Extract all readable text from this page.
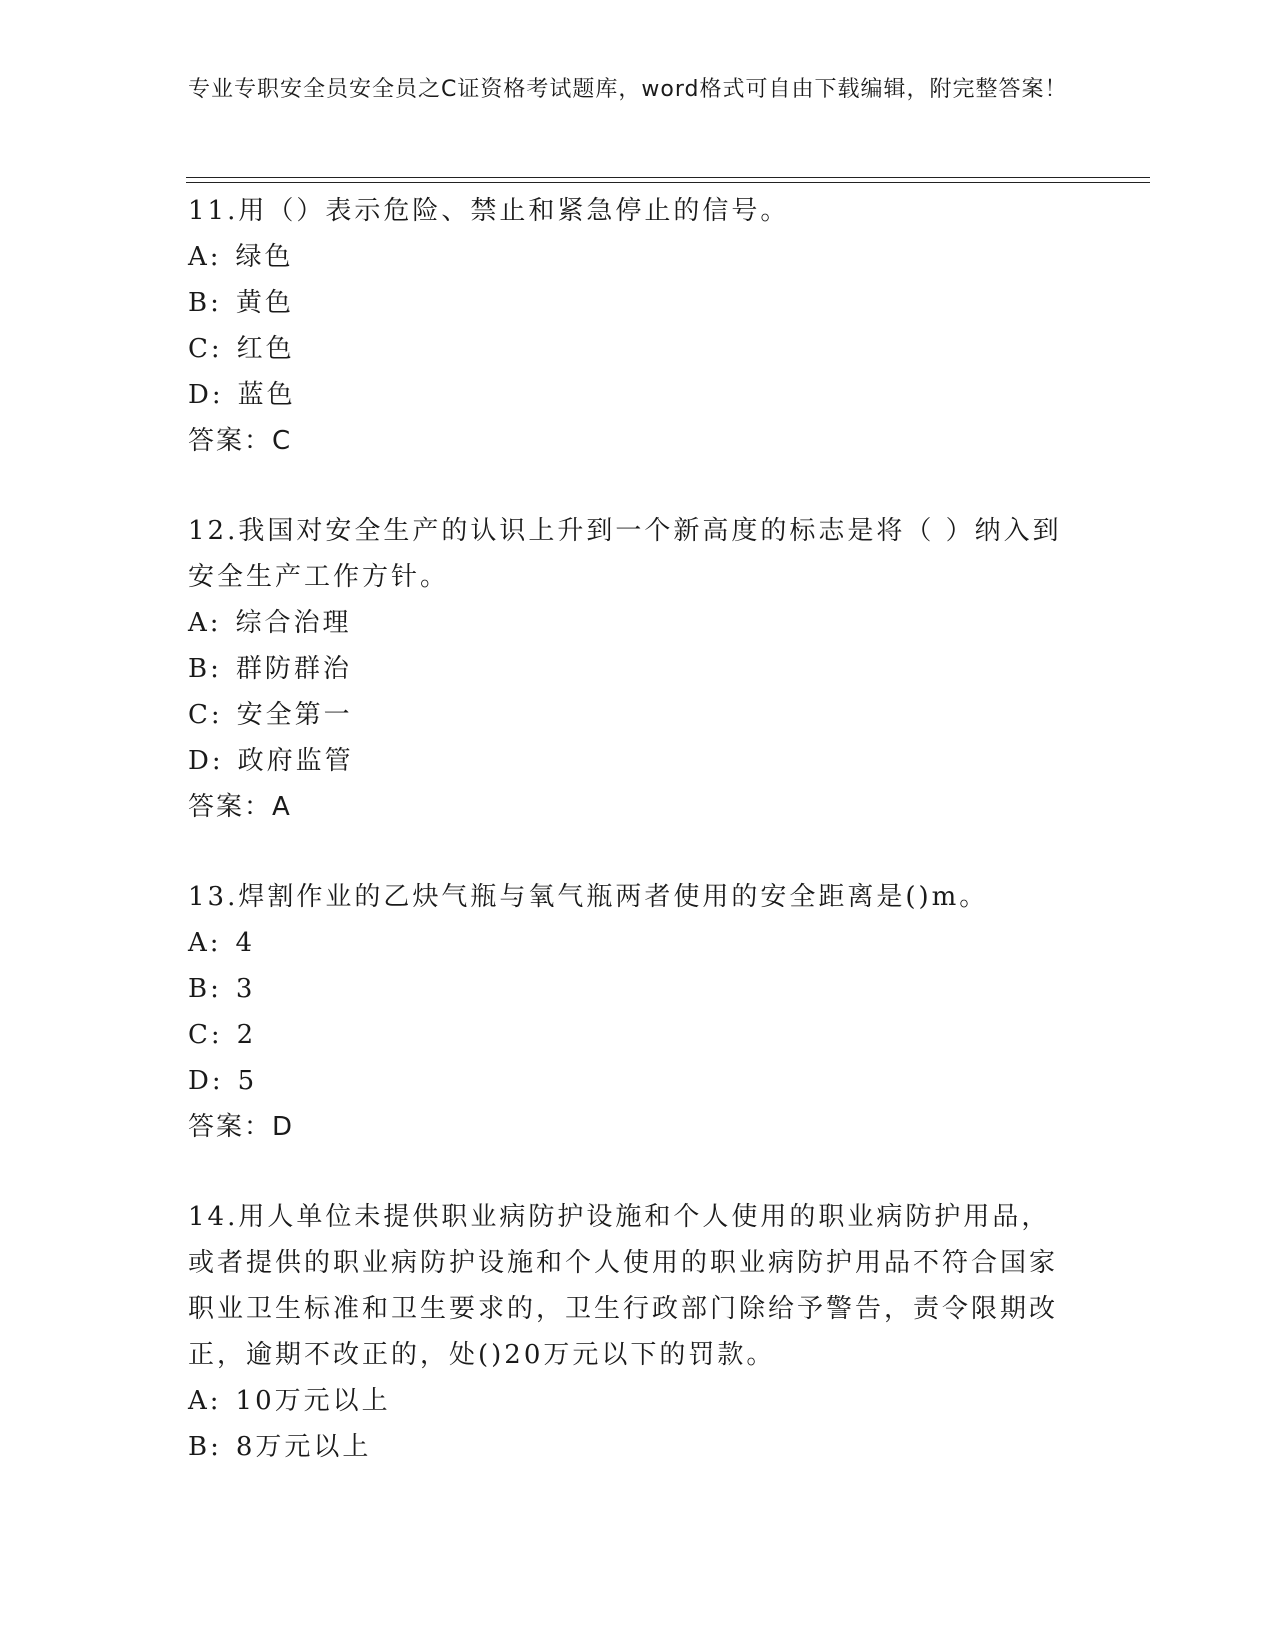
专业专职安全员安全员之C证资格考试题库，word格式可自由下载编辑，附完整答案！

11.用（）表示危险、禁止和紧急停止的信号。

A : 绿色
B : 黄色
C : 红色
D : 蓝色
答案：C

12.我国对安全生产的认识上升到一个新高度的标志是将（ ）纳入到安全生产工作方针。

A : 综合治理
B : 群防群治
C : 安全第一
D : 政府监管
答案：A

13.焊割作业的乙炔气瓶与氧气瓶两者使用的安全距离是()m。

A : 4
B : 3
C : 2
D : 5
答案：D

14.用人单位未提供职业病防护设施和个人使用的职业病防护用品，或者提供的职业病防护设施和个人使用的职业病防护用品不符合国家职业卫生标准和卫生要求的，卫生行政部门除给予警告，责令限期改正，逾期不改正的，处()20万元以下的罚款。

A : 10万元以上
B : 8万元以上
